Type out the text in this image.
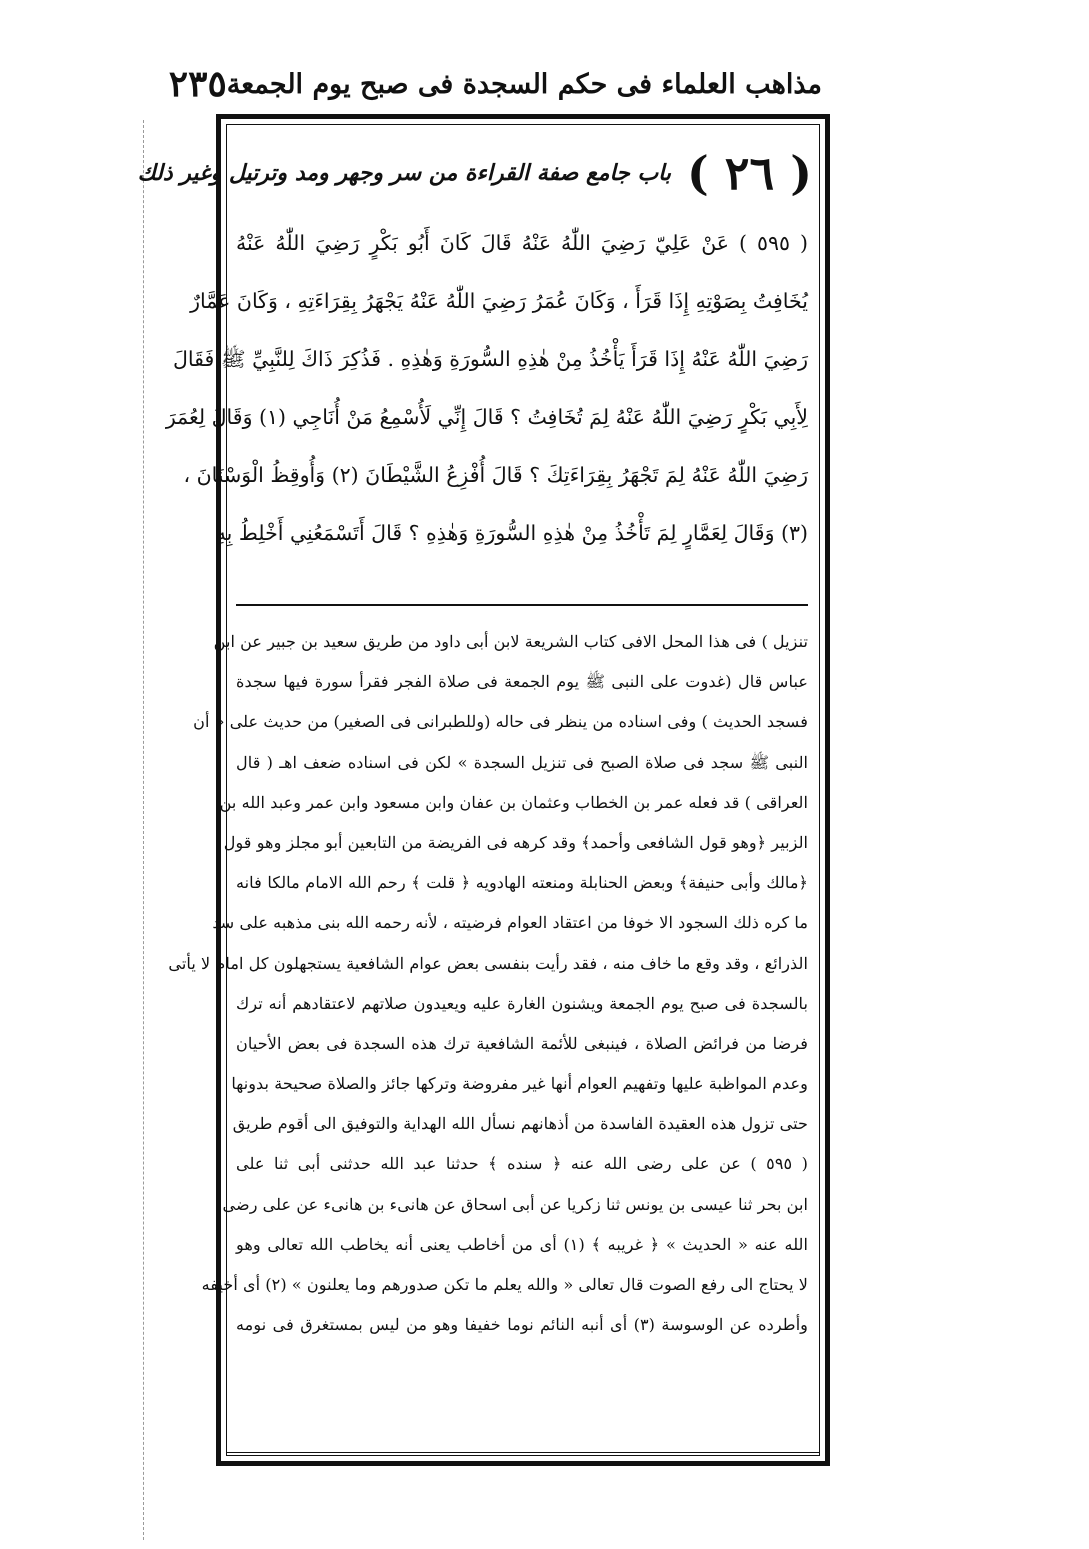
مذاهب العلماء فى حكم السجدة فى صبح يوم الجمعة
٢٣٥
( ٢٦ )
باب جامع صفة القراءة من سر وجهر ومد وترتيل وغير ذلك
( ٥٩٥ ) عَنْ عَلِيّ رَضِيَ اللّٰهُ عَنْهُ قَالَ كَانَ أَبُو بَكْرٍ رَضِيَ اللّٰهُ عَنْهُ
يُخَافِتُ بِصَوْتِهِ إِذَا قَرَأَ ، وَكَانَ عُمَرُ رَضِيَ اللّٰهُ عَنْهُ يَجْهَرُ بِقِرَاءَتِهِ ، وَكَانَ عَمَّارٌ
رَضِيَ اللّٰهُ عَنْهُ إِذَا قَرَأَ يَأْخُذُ مِنْ هٰذِهِ السُّورَةِ وَهٰذِهِ . فَذُكِرَ ذَاكَ لِلنَّبِيِّ ﷺ فَقَالَ
لِأَبِي بَكْرٍ رَضِيَ اللّٰهُ عَنْهُ لِمَ تُخَافِتُ ؟ قَالَ إِنِّي لَأُسْمِعُ مَنْ أُنَاجِي (١) وَقَالَ لِعُمَرَ
رَضِيَ اللّٰهُ عَنْهُ لِمَ تَجْهَرُ بِقِرَاءَتِكَ ؟ قَالَ أُفْزِعُ الشَّيْطَانَ (٢) وَأُوقِظُ الْوَسْنَانَ ،
(٣) وَقَالَ لِعَمَّارٍ لِمَ تَأْخُذُ مِنْ هٰذِهِ السُّورَةِ وَهٰذِهِ ؟ قَالَ أَتَسْمَعُنِي أَخْلِطُ بِهِ
تنزيل ) فى هذا المحل الافى كتاب الشريعة لابن أبى داود من طريق سعيد بن جبير عن ابن
عباس قال (غدوت على النبى ﷺ يوم الجمعة فى صلاة الفجر فقرأ سورة فيها سجدة
فسجد الحديث ) وفى اسناده من ينظر فى حاله (وللطبرانى فى الصغير) من حديث على « أن
النبى ﷺ سجد فى صلاة الصبح فى تنزيل السجدة » لكن فى اسناده ضعف اهـ ( قال
العراقى ) قد فعله عمر بن الخطاب وعثمان بن عفان وابن مسعود وابن عمر وعبد الله بن
الزبير ﴿وهو قول الشافعى وأحمد﴾ وقد كرهه فى الفريضة من التابعين أبو مجلز وهو قول
﴿مالك وأبى حنيفة﴾ وبعض الحنابلة ومنعته الهادويه ﴿ قلت ﴾ رحم الله الامام مالكا فانه
ما كره ذلك السجود الا خوفا من اعتقاد العوام فرضيته ، لأنه رحمه الله بنى مذهبه على سد
الذرائع ، وقد وقع ما خاف منه ، فقد رأيت بنفسى بعض عوام الشافعية يستجهلون كل امام لا يأتى
بالسجدة فى صبح يوم الجمعة ويشنون الغارة عليه ويعيدون صلاتهم لاعتقادهم أنه ترك
فرضا من فرائض الصلاة ، فينبغى للأئمة الشافعية ترك هذه السجدة فى بعض الأحيان
وعدم المواظبة عليها وتفهيم العوام أنها غير مفروضة وتركها جائز والصلاة صحيحة بدونها
حتى تزول هذه العقيدة الفاسدة من أذهانهم نسأل الله الهداية والتوفيق الى أقوم طريق
( ٥٩٥ ) عن على رضى الله عنه ﴿ سنده ﴾ حدثنا عبد الله حدثنى أبى ثنا على
ابن بحر ثنا عيسى بن يونس ثنا زكريا عن أبى اسحاق عن هانىء بن هانىء عن على رضى
الله عنه « الحديث » ﴿ غريبه ﴾ (١) أى من أخاطب يعنى أنه يخاطب الله تعالى وهو
لا يحتاج الى رفع الصوت قال تعالى « والله يعلم ما تكن صدورهم وما يعلنون » (٢) أى أخيفه
وأطرده عن الوسوسة (٣) أى أنبه النائم نوما خفيفا وهو من ليس بمستغرق فى نومه
